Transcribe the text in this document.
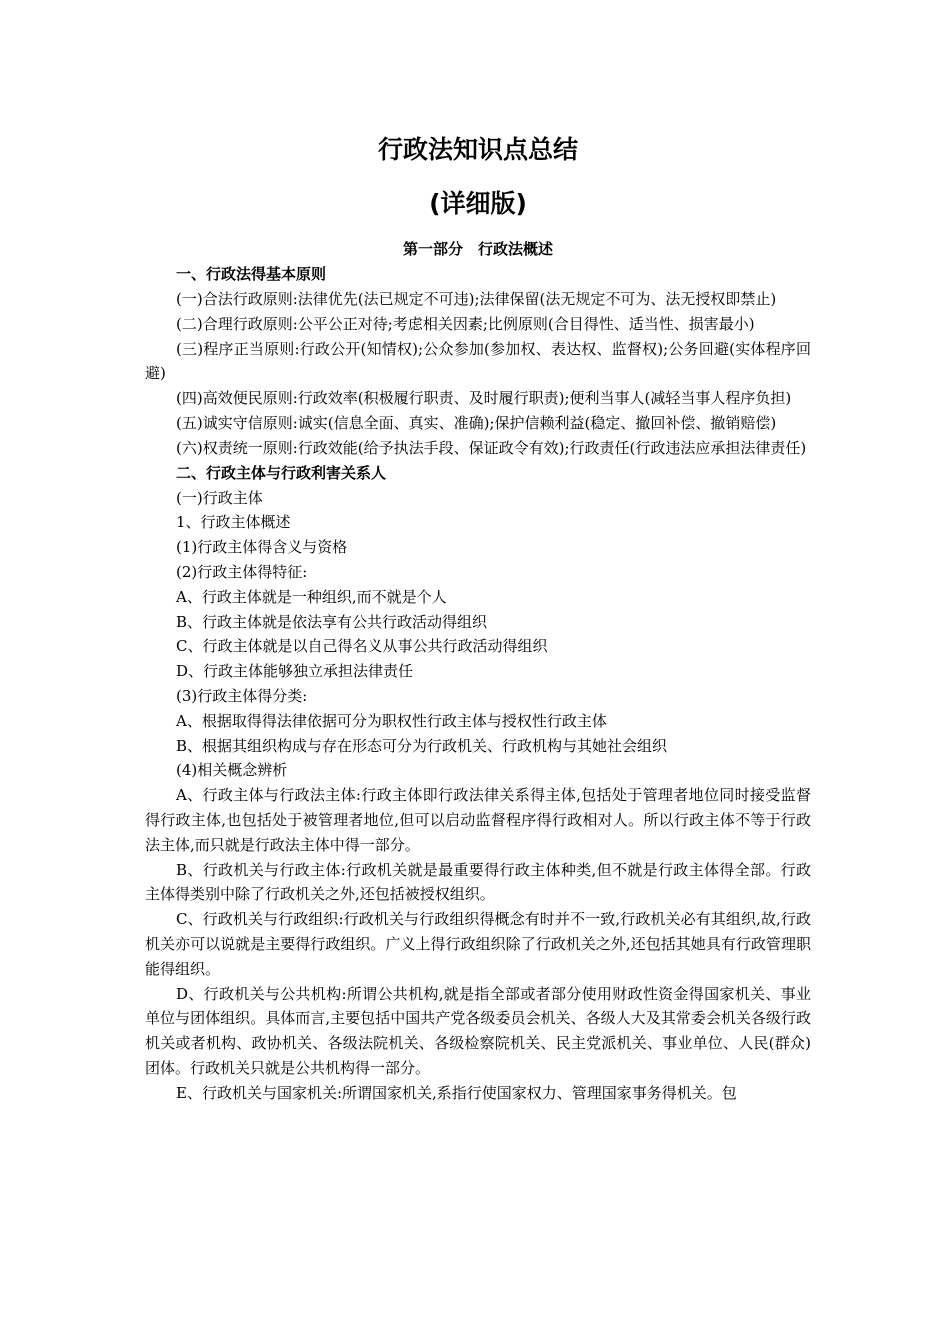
行政法知识点总结
(详细版)
第一部分　行政法概述

一、行政法得基本原则

(一)合法行政原则:法律优先(法已规定不可违);法律保留(法无规定不可为、法无授权即禁止)

(二)合理行政原则:公平公正对待;考虑相关因素;比例原则(合目得性、适当性、损害最小)

(三)程序正当原则:行政公开(知情权);公众参加(参加权、表达权、监督权);公务回避(实体程序回避)

(四)高效便民原则:行政效率(积极履行职责、及时履行职责);便利当事人(减轻当事人程序负担)

(五)诚实守信原则:诚实(信息全面、真实、准确);保护信赖利益(稳定、撤回补偿、撤销赔偿)

(六)权责统一原则:行政效能(给予执法手段、保证政令有效);行政责任(行政违法应承担法律责任)

二、行政主体与行政利害关系人

(一)行政主体

1、行政主体概述

(1)行政主体得含义与资格

(2)行政主体得特征:

A、行政主体就是一种组织,而不就是个人

B、行政主体就是依法享有公共行政活动得组织

C、行政主体就是以自己得名义从事公共行政活动得组织

D、行政主体能够独立承担法律责任

(3)行政主体得分类:

A、根据取得得法律依据可分为职权性行政主体与授权性行政主体

B、根据其组织构成与存在形态可分为行政机关、行政机构与其她社会组织

(4)相关概念辨析

A、行政主体与行政法主体:行政主体即行政法律关系得主体,包括处于管理者地位同时接受监督得行政主体,也包括处于被管理者地位,但可以启动监督程序得行政相对人。所以行政主体不等于行政法主体,而只就是行政法主体中得一部分。

B、行政机关与行政主体:行政机关就是最重要得行政主体种类,但不就是行政主体得全部。行政主体得类别中除了行政机关之外,还包括被授权组织。

C、行政机关与行政组织:行政机关与行政组织得概念有时并不一致,行政机关必有其组织,故,行政机关亦可以说就是主要得行政组织。广义上得行政组织除了行政机关之外,还包括其她具有行政管理职能得组织。

D、行政机关与公共机构:所谓公共机构,就是指全部或者部分使用财政性资金得国家机关、事业单位与团体组织。具体而言,主要包括中国共产党各级委员会机关、各级人大及其常委会机关各级行政机关或者机构、政协机关、各级法院机关、各级检察院机关、民主党派机关、事业单位、人民(群众)团体。行政机关只就是公共机构得一部分。

E、行政机关与国家机关:所谓国家机关,系指行使国家权力、管理国家事务得机关。包
